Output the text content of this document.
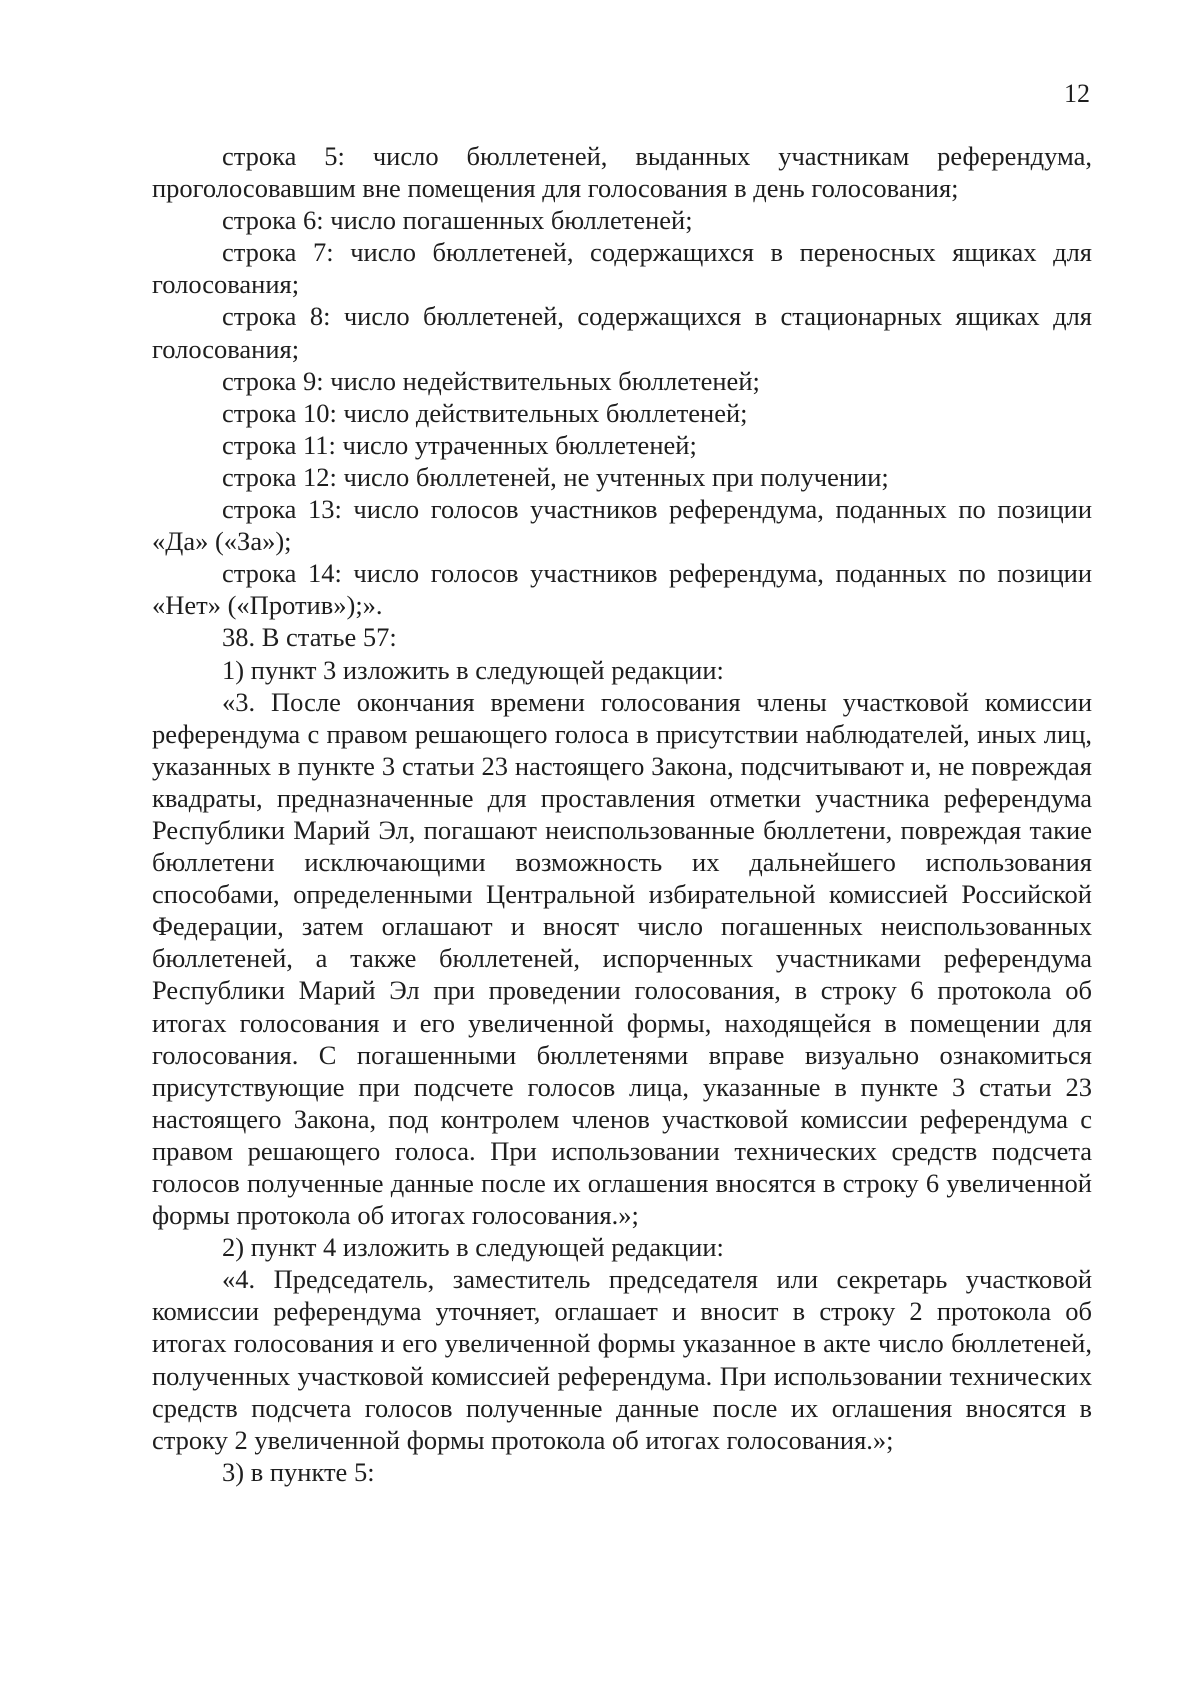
12

строка 5: число бюллетеней, выданных участникам референдума, проголосовавшим вне помещения для голосования в день голосования;

строка 6: число погашенных бюллетеней;

строка 7: число бюллетеней, содержащихся в переносных ящиках для голосования;

строка 8: число бюллетеней, содержащихся в стационарных ящиках для голосования;

строка 9: число недействительных бюллетеней;

строка 10: число действительных бюллетеней;

строка 11: число утраченных бюллетеней;

строка 12: число бюллетеней, не учтенных при получении;

строка 13: число голосов участников референдума, поданных по позиции «Да» («За»);

строка 14: число голосов участников референдума, поданных по позиции «Нет» («Против»);».

38. В статье 57:

1) пункт 3 изложить в следующей редакции:

«3. После окончания времени голосования члены участковой комиссии референдума с правом решающего голоса в присутствии наблюдателей, иных лиц, указанных в пункте 3 статьи 23 настоящего Закона, подсчитывают и, не повреждая квадраты, предназначенные для проставления отметки участника референдума Республики Марий Эл, погашают неиспользованные бюллетени, повреждая такие бюллетени исключающими возможность их дальнейшего использования способами, определенными Центральной избирательной комиссией Российской Федерации, затем оглашают и вносят число погашенных неиспользованных бюллетеней, а также бюллетеней, испорченных участниками референдума Республики Марий Эл при проведении голосования, в строку 6 протокола об итогах голосования и его увеличенной формы, находящейся в помещении для голосования. С погашенными бюллетенями вправе визуально ознакомиться присутствующие при подсчете голосов лица, указанные в пункте 3 статьи 23 настоящего Закона, под контролем членов участковой комиссии референдума с правом решающего голоса. При использовании технических средств подсчета голосов полученные данные после их оглашения вносятся в строку 6 увеличенной формы протокола об итогах голосования.»;

2) пункт 4 изложить в следующей редакции:

«4. Председатель, заместитель председателя или секретарь участковой комиссии референдума уточняет, оглашает и вносит в строку 2 протокола об итогах голосования и его увеличенной формы указанное в акте число бюллетеней, полученных участковой комиссией референдума. При использовании технических средств подсчета голосов полученные данные после их оглашения вносятся в строку 2 увеличенной формы протокола об итогах голосования.»;

3) в пункте 5:
